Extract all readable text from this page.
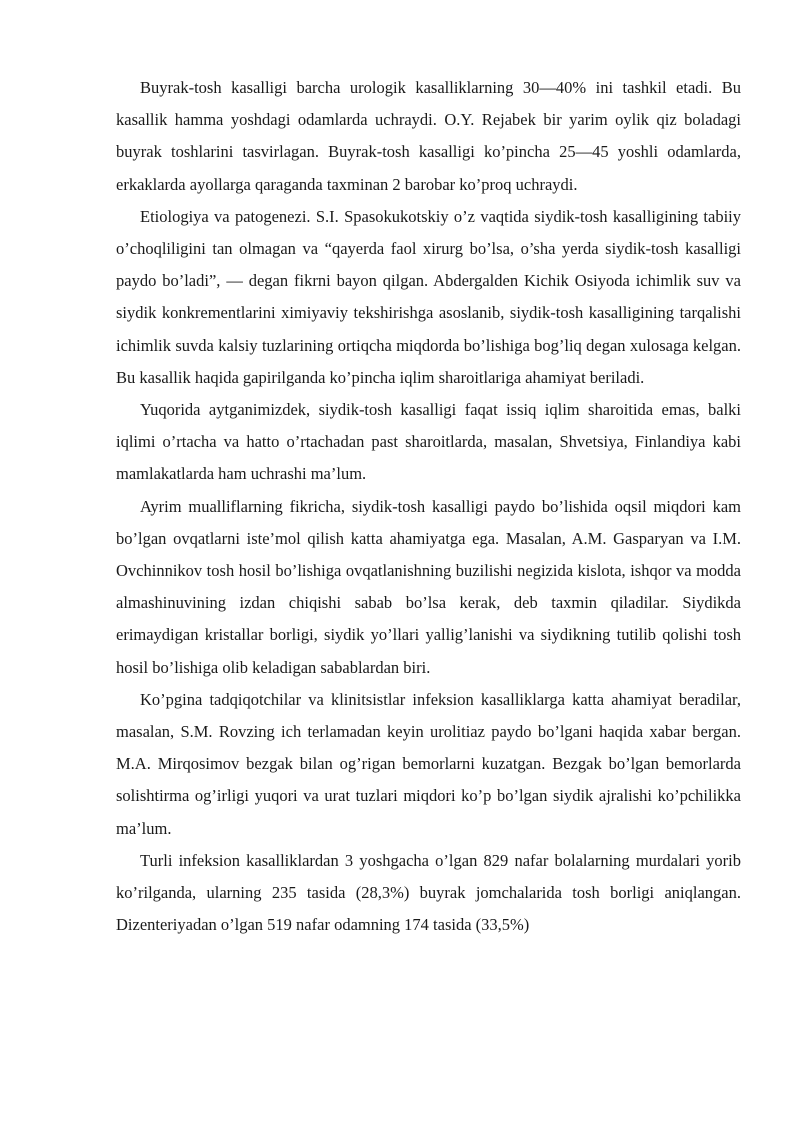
Buyrak-tosh kasalligi barcha urologik kasalliklarning 30—40% ini tashkil etadi. Bu kasallik hamma yoshdagi odamlarda uchraydi. O.Y. Rejabek bir yarim oylik qiz boladagi buyrak toshlarini tasvirlagan. Buyrak-tosh kasalligi ko’pincha 25—45 yoshli odamlarda, erkaklarda ayollarga qaraganda taxminan 2 barobar ko’proq uchraydi.

Etiologiya va patogenezi. S.I. Spasokukotskiy o’z vaqtida siydik-tosh kasalligining tabiiy o’choqliligini tan olmagan va “qayerda faol xirurg bo’lsa, o’sha yerda siydik-tosh kasalligi paydo bo’ladi”, — degan fikrni bayon qilgan. Abdergalden Kichik Osiyoda ichimlik suv va siydik konkrementlarini ximiyaviy tekshirishga asoslanib, siydik-tosh kasalligining tarqalishi ichimlik suvda kalsiy tuzlarining ortiqcha miqdorda bo’lishiga bog’liq degan xulosaga kelgan. Bu kasallik haqida gapirilganda ko’pincha iqlim sharoitlariga ahamiyat beriladi.

Yuqorida aytganimizdek, siydik-tosh kasalligi faqat issiq iqlim sharoitida emas, balki iqlimi o’rtacha va hatto o’rtachadan past sharoitlarda, masalan, Shvetsiya, Finlandiya kabi mamlakatlarda ham uchrashi ma’lum.

Ayrim mualliflarning fikricha, siydik-tosh kasalligi paydo bo’lishida oqsil miqdori kam bo’lgan ovqatlarni iste’mol qilish katta ahamiyatga ega. Masalan, A.M. Gasparyan va I.M. Ovchinnikov tosh hosil bo’lishiga ovqatlanishning buzilishi negizida kislota, ishqor va modda almashinuvining izdan chiqishi sabab bo’lsa kerak, deb taxmin qiladilar. Siydikda erimaydigan kristallar borligi, siydik yo’llari yallig’lanishi va siydikning tutilib qolishi tosh hosil bo’lishiga olib keladigan sabablardan biri.

Ko’pgina tadqiqotchilar va klinitsistlar infeksion kasalliklarga katta ahamiyat beradilar, masalan, S.M. Rovzing ich terlamadan keyin urolitiaz paydo bo’lgani haqida xabar bergan. M.A. Mirqosimov bezgak bilan og’rigan bemorlarni kuzatgan. Bezgak bo’lgan bemorlarda solishtirma og’irligi yuqori va urat tuzlari miqdori ko’p bo’lgan siydik ajralishi ko’pchilikka ma’lum.

Turli infeksion kasalliklardan 3 yoshgacha o’lgan 829 nafar bolalarning murdalari yorib ko’rilganda, ularning 235 tasida (28,3%) buyrak jomchalarida tosh borligi aniqlangan. Dizenteriyadan o’lgan 519 nafar odamning 174 tasida (33,5%)
